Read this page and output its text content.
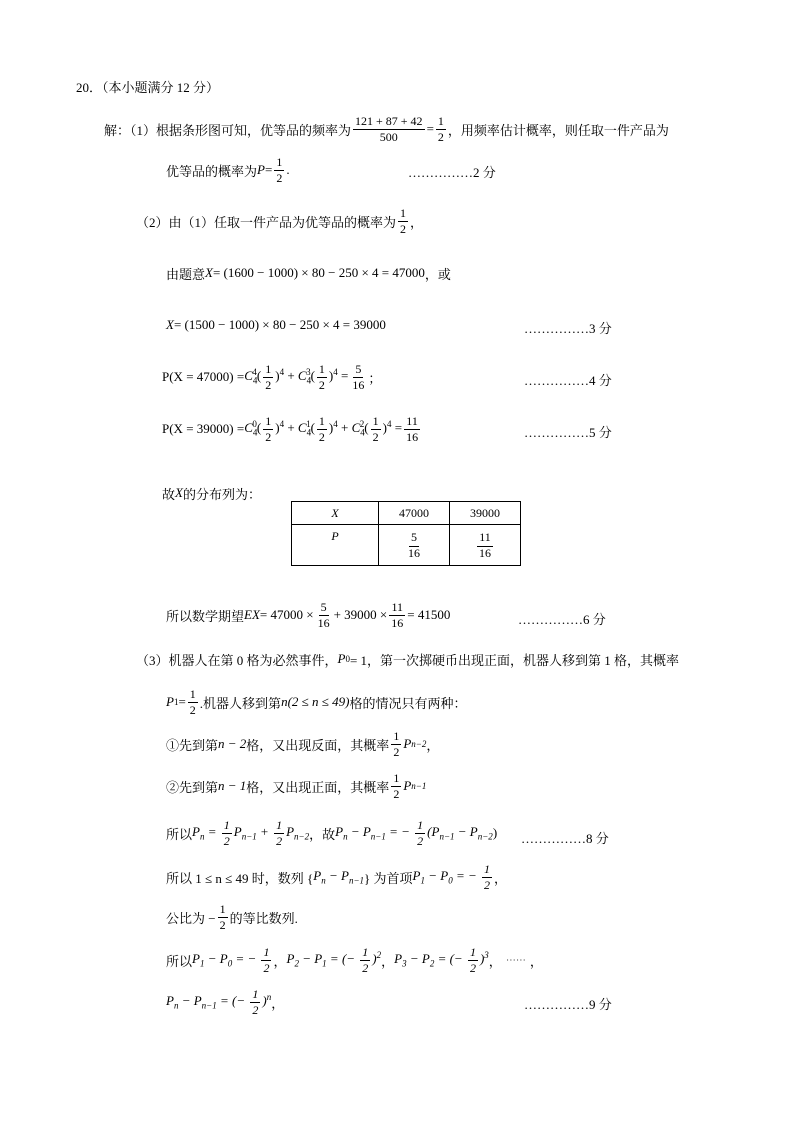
20．（本小题满分 12 分）
解：（1）根据条形图可知，优等品的频率为 $\frac{121 + 87 + 42}{500} = \frac{1}{2}$ ，用频率估计概率，则任取一件产品为
优等品的概率为 $P = \frac{1}{2}$ .	……………2 分
（2）由（1）任取一件产品为优等品的概率为 $\frac{1}{2}$ ，
由题意 X = (1600 − 1000) × 80 − 250 × 4 = 47000 ，或
X = (1500 − 1000) × 80 − 250 × 4 = 39000	……………3 分
$P(X = 47000) = C_4^4( \frac{1}{2} )^4 + C_4^3( \frac{1}{2} )^4 = \frac{5}{16}$ ；	……………4 分
$P(X = 39000) = C_4^0( \frac{1}{2} )^4 + C_4^1( \frac{1}{2} )^4 + C_4^2( \frac{1}{2} )^4 = \frac{11}{16}$	……………5 分
故 X 的分布列为：
X	47000	39000
P	$\frac{5}{16}$	$\frac{11}{16}$
所以数学期望 EX = $47000 \times \frac{5}{16} + 39000 \times \frac{11}{16} = 41500$	……………6 分
（3）机器人在第 0 格为必然事件， P 0 = 1，第一次掷硬币出现正面，机器人移到第 1 格，其概率
P $1 = \frac{1}{2}$ .机器人移到第 n(2 ≤ n ≤ 49) 格的情况只有两种：
①先到第 n − 2 格，又出现反面，其概率 $\frac{1}{2}$ P n−2 ，
②先到第 n − 1 格，又出现正面，其概率 $\frac{1}{2}$ P n−1
所以 $P_n = \frac{1}{2} P_{n-1} + \frac{1}{2} P_{n-2}$ ，故 $P_n - P_{n-1}$ = − $\frac{1}{2} (P_{n-1} - P_{n-2}$ ) ……………8 分
所以 1 ≤ n ≤ 49 时，数列 { $P_n - P_{n-1}$ } 为首项 $P_1 - P_0$ = − $\frac{1}{2}$ ，
公比为 − $\frac{1}{2}$ 的等比数列.
所以 $P_1 - P_0$ = − $\frac{1}{2}$ ， $P_2 - P_1$ = (− $\frac{1}{2} )^2$ ， $P_3 - P_2$ = (− $\frac{1}{2} )^3$ ， ⋯⋯ ，
$P_n - P_{n-1}$ = (− $\frac{1}{2} )^n$ ，	……………9 分
